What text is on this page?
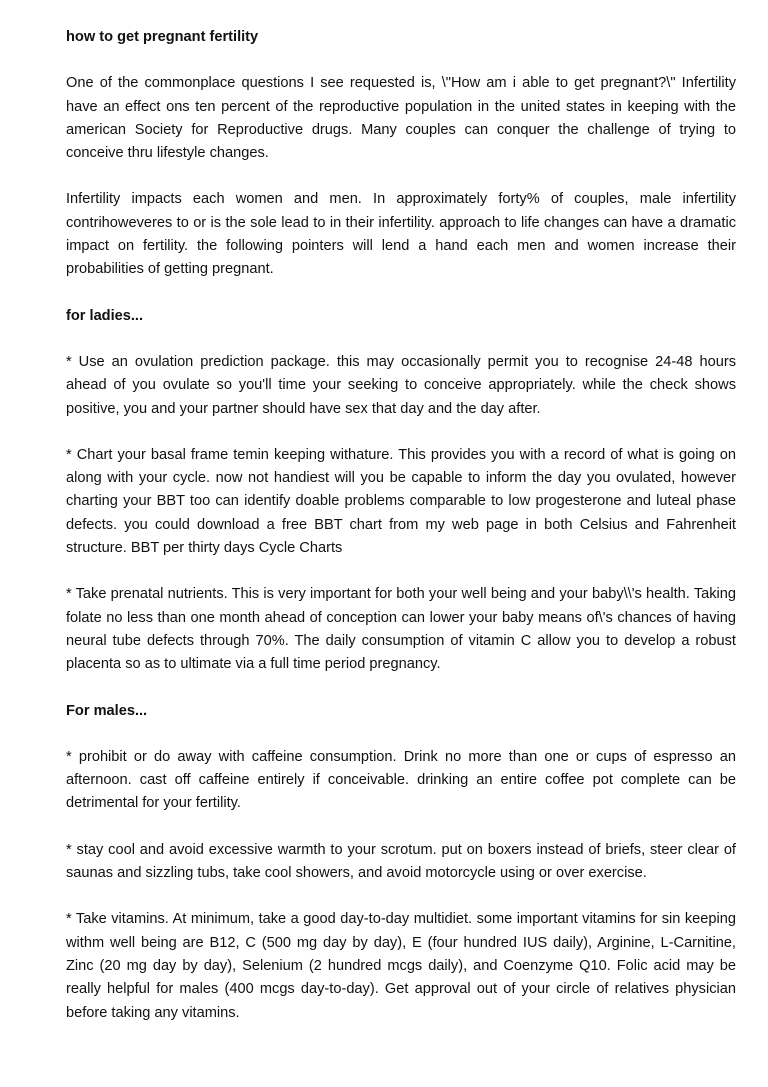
how to get pregnant fertility
One of the commonplace questions I see requested is, \"How am i able to get pregnant?\" Infertility have an effect ons ten percent of the reproductive population in the united states in keeping with the american Society for Reproductive drugs. Many couples can conquer the challenge of trying to conceive thru lifestyle changes.
Infertility impacts each women and men. In approximately forty% of couples, male infertility contrihoweveres to or is the sole lead to in their infertility. approach to life changes can have a dramatic impact on fertility. the following pointers will lend a hand each men and women increase their probabilities of getting pregnant.
for ladies...
* Use an ovulation prediction package. this may occasionally permit you to recognise 24-48 hours ahead of you ovulate so you'll time your seeking to conceive appropriately. while the check shows positive, you and your partner should have sex that day and the day after.
* Chart your basal frame temin keeping withature. This provides you with a record of what is going on along with your cycle. now not handiest will you be capable to inform the day you ovulated, however charting your BBT too can identify doable problems comparable to low progesterone and luteal phase defects. you could download a free BBT chart from my web page in both Celsius and Fahrenheit structure. BBT per thirty days Cycle Charts
* Take prenatal nutrients. This is very important for both your well being and your baby\\'s health. Taking folate no less than one month ahead of conception can lower your baby means of\'s chances of having neural tube defects through 70%. The daily consumption of vitamin C allow you to develop a robust placenta so as to ultimate via a full time period pregnancy.
For males...
* prohibit or do away with caffeine consumption. Drink no more than one or cups of espresso an afternoon. cast off caffeine entirely if conceivable. drinking an entire coffee pot complete can be detrimental for your fertility.
* stay cool and avoid excessive warmth to your scrotum. put on boxers instead of briefs, steer clear of saunas and sizzling tubs, take cool showers, and avoid motorcycle using or over exercise.
* Take vitamins. At minimum, take a good day-to-day multidiet. some important vitamins for sin keeping withm well being are B12, C (500 mg day by day), E (four hundred IUS daily), Arginine, L-Carnitine, Zinc (20 mg day by day), Selenium (2 hundred mcgs daily), and Coenzyme Q10. Folic acid may be really helpful for males (400 mcgs day-to-day). Get approval out of your circle of relatives physician before taking any vitamins.
